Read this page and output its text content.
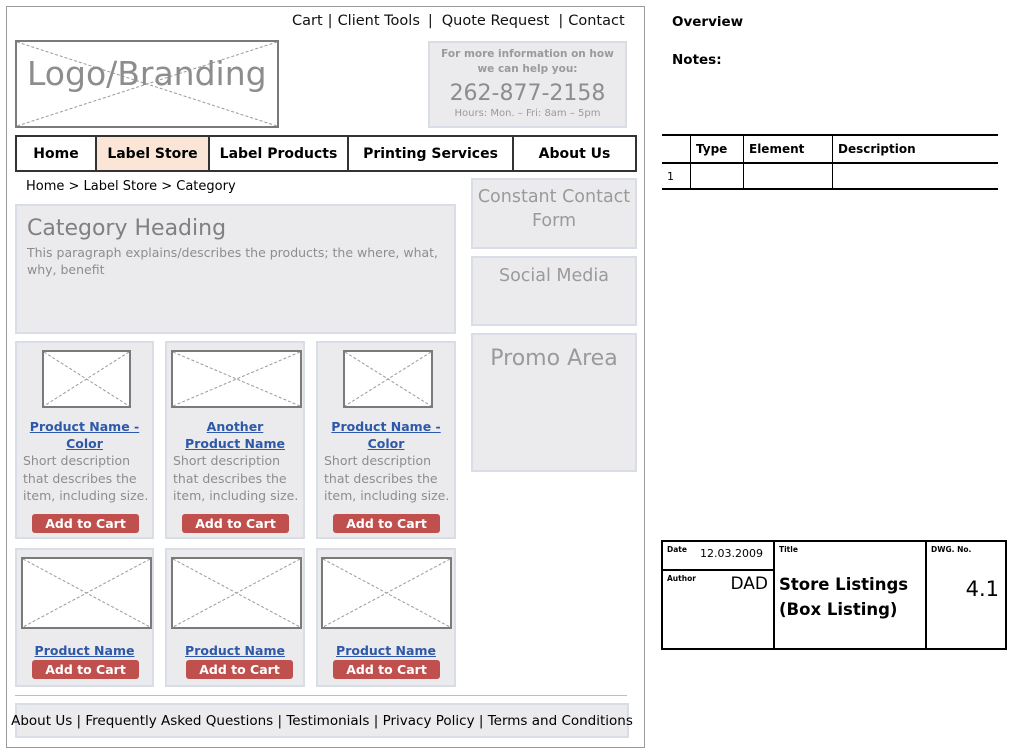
Cart | Client Tools | Quote Request | Contact
Logo/Branding	For more information on how we can help you:
262-877-2158
Hours: Mon. – Fri: 8am – 5pm
Home	Label Store	Label Products	Printing Services	About Us
Home > Label Store > Category
Category Heading
This paragraph explains/describes the products; the where, what, why, benefit
Constant Contact Form
Social Media
Promo Area
Product Name - Color
Short description that describes the item, including size.
Add to Cart
Another Product Name
Short description that describes the item, including size.
Add to Cart
Product Name - Color
Short description that describes the item, including size.
Add to Cart
Product Name
Add to Cart
Product Name
Add to Cart
Product Name
Add to Cart
About Us | Frequently Asked Questions | Testimonials | Privacy Policy | Terms and Conditions
Overview
Notes:
	Type	Element	Description
1			
Date 12.03.2009
Author DAD
Title
Store Listings (Box Listing)
DWG. No.
4.1
